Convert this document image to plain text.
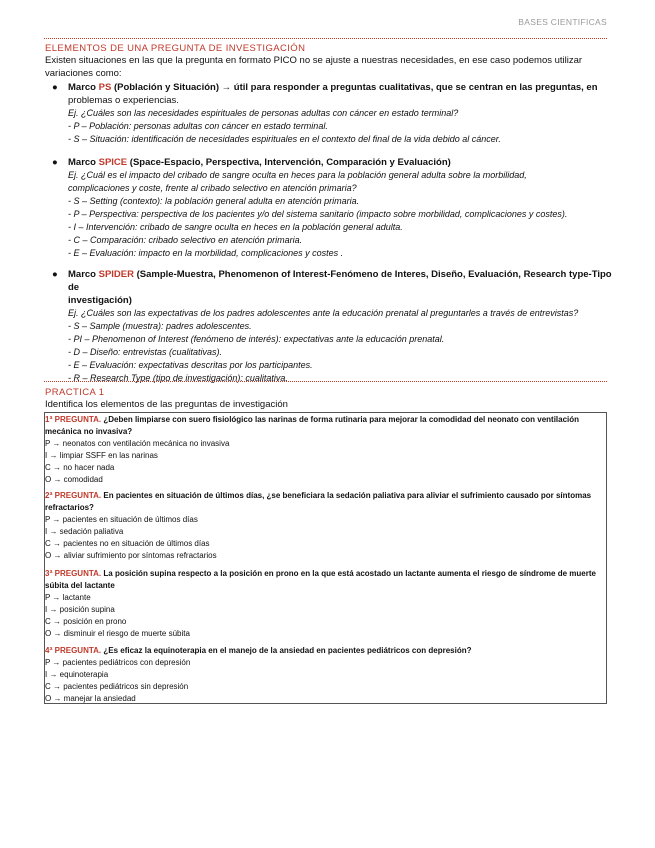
BASES CIENTIFICAS
ELEMENTOS DE UNA PREGUNTA DE INVESTIGACIÓN
Existen situaciones en las que la pregunta en formato PICO no se ajuste a nuestras necesidades, en ese caso podemos utilizar
variaciones como:
●	Marco PS (Población y Situación) → útil para responder a preguntas cualitativas, que se centran en las preguntas, en
problemas o experiencias.
Ej. ¿Cuáles son las necesidades espirituales de personas adultas con cáncer en estado terminal?
- P – Población: personas adultas con cáncer en estado terminal.
- S – Situación: identificación de necesidades espirituales en el contexto del final de la vida debido al cáncer.
●	Marco SPICE (Space-Espacio, Perspectiva, Intervención, Comparación y Evaluación)
Ej. ¿Cuál es el impacto del cribado de sangre oculta en heces para la población general adulta sobre la morbilidad,
complicaciones y coste, frente al cribado selectivo en atención primaria?
- S – Setting (contexto): la población general adulta en atención primaria.
- P – Perspectiva: perspectiva de los pacientes y/o del sistema sanitario (impacto sobre morbilidad, complicaciones y costes).
- I – Intervención: cribado de sangre oculta en heces en la población general adulta.
- C – Comparación: cribado selectivo en atención primaria.
- E – Evaluación: impacto en la morbilidad, complicaciones y costes .
●	Marco SPIDER (Sample-Muestra, Phenomenon of Interest-Fenómeno de Interes, Diseño, Evaluación, Research type-Tipo de
investigación)
Ej. ¿Cuáles son las expectativas de los padres adolescentes ante la educación prenatal al preguntarles a través de entrevistas?
- S – Sample (muestra): padres adolescentes.
- PI – Phenomenon of Interest (fenómeno de interés): expectativas ante la educación prenatal.
- D – Diseño: entrevistas (cualitativas).
- E – Evaluación: expectativas descritas por los participantes.
- R – Research Type (tipo de investigación): cualitativa.
PRACTICA 1
Identifica los elementos de las preguntas de investigación
1ª PREGUNTA. ¿Deben limpiarse con suero fisiológico las narinas de forma rutinaria para mejorar la comodidad del neonato con ventilación
mecánica no invasiva?
P → neonatos con ventilación mecánica no invasiva
I → limpiar SSFF en las narinas
C → no hacer nada
O → comodidad
2ª PREGUNTA. En pacientes en situación de últimos días, ¿se beneficiara la sedación paliativa para aliviar el sufrimiento causado por síntomas
refractarios?
P → pacientes en situación de últimos días
I → sedación paliativa
C → pacientes no en situación de últimos días
O → aliviar sufrimiento por síntomas refractarios
3ª PREGUNTA. La posición supina respecto a la posición en prono en la que está acostado un lactante aumenta el riesgo de síndrome de muerte
súbita del lactante
P → lactante
I → posición supina
C → posición en prono
O → disminuir el riesgo de muerte súbita
4ª PREGUNTA. ¿Es eficaz la equinoterapia en el manejo de la ansiedad en pacientes pediátricos con depresión?
P → pacientes pediátricos con depresión
I → equinoterapia
C → pacientes pediátricos sin depresión
O → manejar la ansiedad
